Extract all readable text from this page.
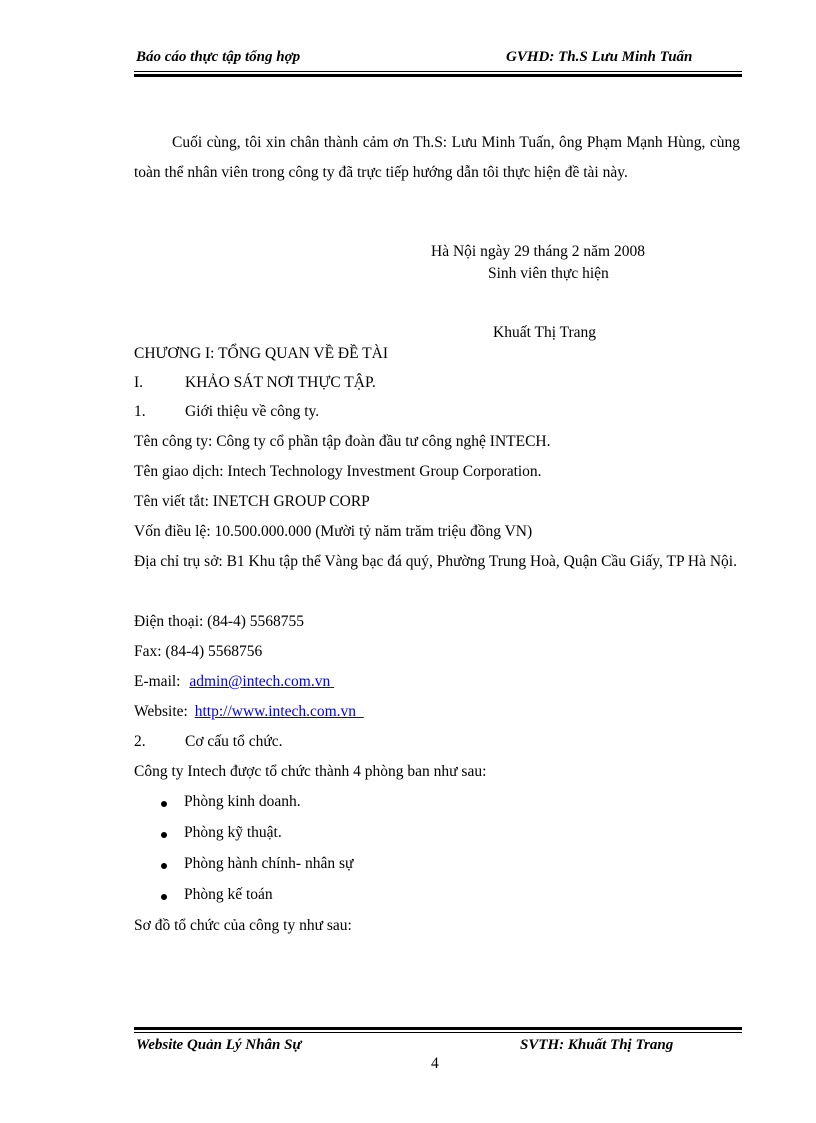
Báo cáo thực tập tổng hợp	GVHD: Th.S Lưu Minh Tuấn

Cuối cùng, tôi xin chân thành cảm ơn Th.S: Lưu Minh Tuấn, ông Phạm Mạnh Hùng, cùng toàn thể nhân viên trong công ty đã trực tiếp hướng dẫn tôi thực hiện đề tài này.

Hà Nội ngày 29 tháng 2 năm 2008
Sinh viên thực hiện
Khuất Thị Trang
CHƯƠNG I: TỔNG QUAN VỀ ĐỀ TÀI
I.	KHẢO SÁT NƠI THỰC TẬP.
1.	Giới thiệu về công ty.
Tên công ty: Công ty cổ phần tập đoàn đầu tư công nghệ INTECH.
Tên giao dịch: Intech Technology Investment Group Corporation.
Tên viết tắt: INETCH GROUP CORP
Vốn điều lệ: 10.500.000.000 (Mười tỷ năm trăm triệu đồng VN)

Địa chỉ trụ sở: B1 Khu tập thể Vàng bạc đá quý, Phường Trung Hoà, Quận Cầu Giấy, TP Hà Nội.

Điện thoại: (84-4) 5568755
Fax: (84-4) 5568756
E-mail: admin@intech.com.vn
Website: http://www.intech.com.vn
2.	Cơ cấu tổ chức.
Công ty Intech được tổ chức thành 4 phòng ban như sau:
Phòng kinh doanh.
Phòng kỹ thuật.
Phòng hành chính- nhân sự
Phòng kế toán
Sơ đồ tổ chức của công ty như sau:
Website Quản Lý Nhân Sự	SVTH: Khuất Thị Trang
4
